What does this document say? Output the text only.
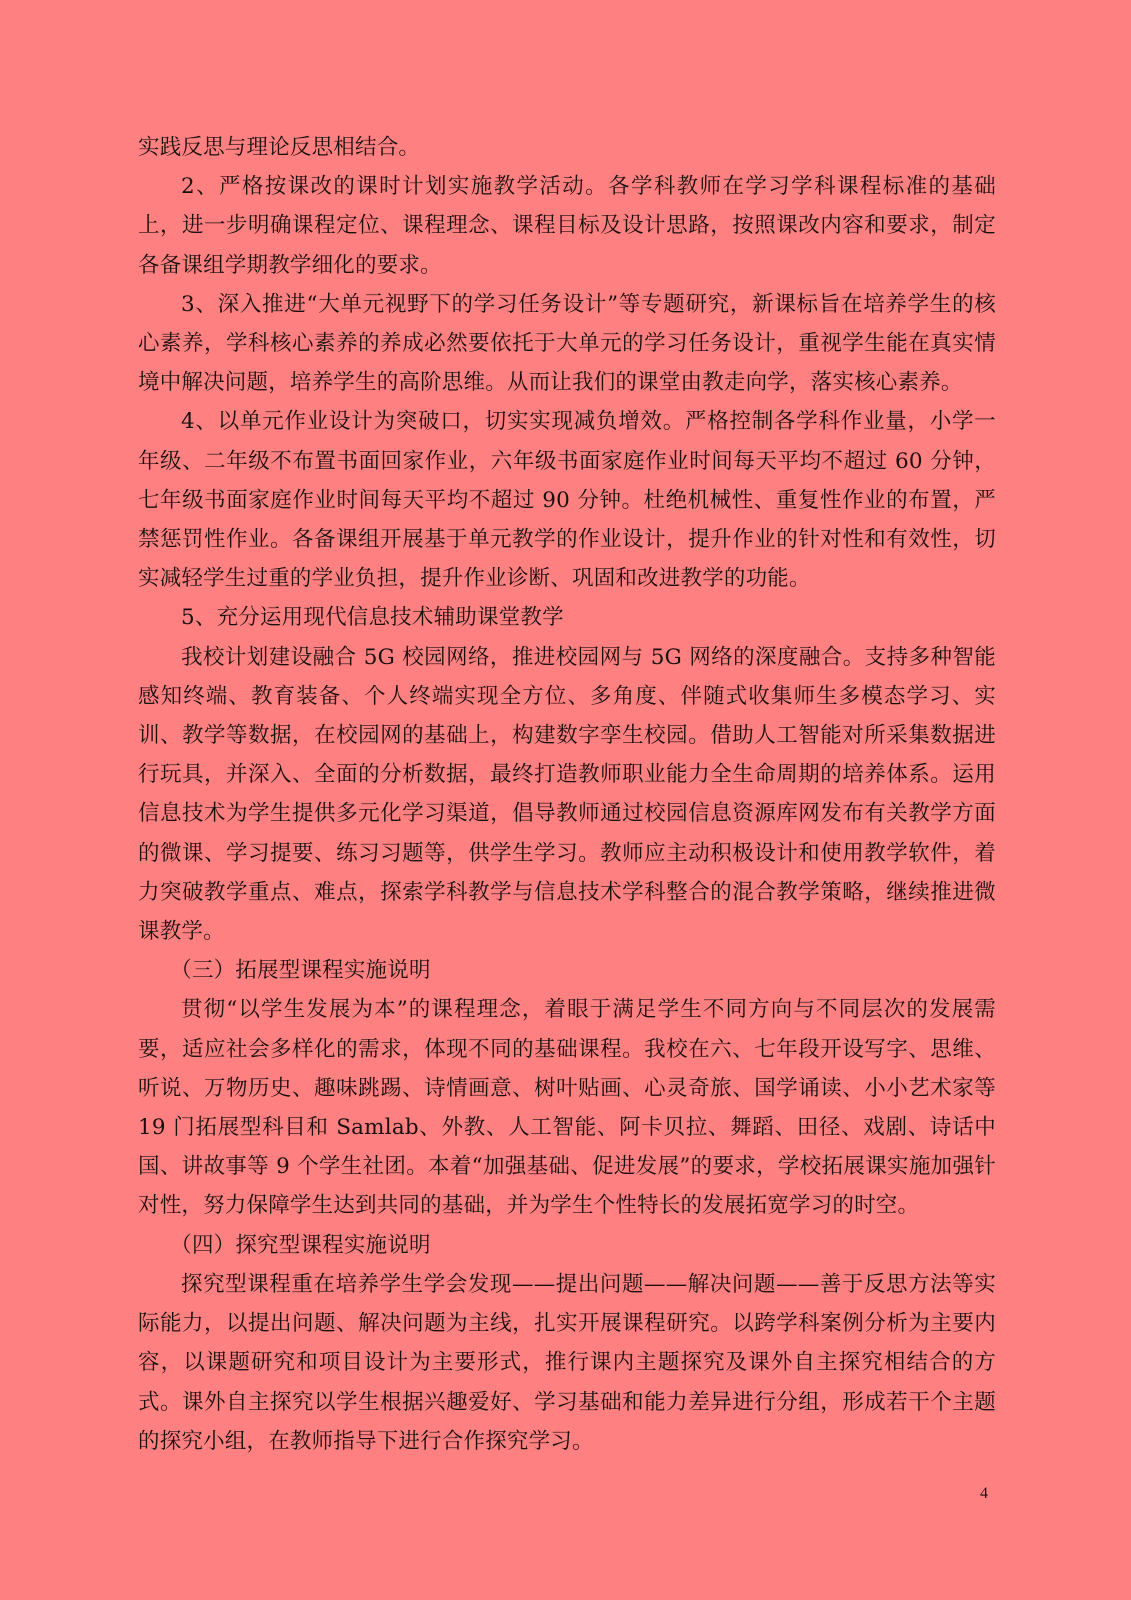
实践反思与理论反思相结合。

2、严格按课改的课时计划实施教学活动。各学科教师在学习学科课程标准的基础上，进一步明确课程定位、课程理念、课程目标及设计思路，按照课改内容和要求，制定各备课组学期教学细化的要求。

3、深入推进“大单元视野下的学习任务设计”等专题研究，新课标旨在培养学生的核心素养，学科核心素养的养成必然要依托于大单元的学习任务设计，重视学生能在真实情境中解决问题，培养学生的高阶思维。从而让我们的课堂由教走向学，落实核心素养。

4、以单元作业设计为突破口，切实实现减负增效。严格控制各学科作业量，小学一年级、二年级不布置书面回家作业，六年级书面家庭作业时间每天平均不超过 60 分钟，七年级书面家庭作业时间每天平均不超过 90 分钟。杜绝机械性、重复性作业的布置，严禁惩罚性作业。各备课组开展基于单元教学的作业设计，提升作业的针对性和有效性，切实减轻学生过重的学业负担，提升作业诊断、巩固和改进教学的功能。

5、充分运用现代信息技术辅助课堂教学

我校计划建设融合 5G 校园网络，推进校园网与 5G 网络的深度融合。支持多种智能感知终端、教育装备、个人终端实现全方位、多角度、伴随式收集师生多模态学习、实训、教学等数据，在校园网的基础上，构建数字孪生校园。借助人工智能对所采集数据进行玩具，并深入、全面的分析数据，最终打造教师职业能力全生命周期的培养体系。运用信息技术为学生提供多元化学习渠道，倡导教师通过校园信息资源库网发布有关教学方面的微课、学习提要、练习习题等，供学生学习。教师应主动积极设计和使用教学软件，着力突破教学重点、难点，探索学科教学与信息技术学科整合的混合教学策略，继续推进微课教学。

（三）拓展型课程实施说明

贯彻“以学生发展为本”的课程理念，着眼于满足学生不同方向与不同层次的发展需要，适应社会多样化的需求，体现不同的基础课程。我校在六、七年段开设写字、思维、听说、万物历史、趣味跳踢、诗情画意、树叶贴画、心灵奇旅、国学诵读、小小艺术家等 19 门拓展型科目和 Samlab、外教、人工智能、阿卡贝拉、舞蹈、田径、戏剧、诗话中国、讲故事等 9 个学生社团。本着“加强基础、促进发展”的要求，学校拓展课实施加强针对性，努力保障学生达到共同的基础，并为学生个性特长的发展拓宽学习的时空。

（四）探究型课程实施说明

探究型课程重在培养学生学会发现——提出问题——解决问题——善于反思方法等实际能力，以提出问题、解决问题为主线，扎实开展课程研究。以跨学科案例分析为主要内容，以课题研究和项目设计为主要形式，推行课内主题探究及课外自主探究相结合的方式。课外自主探究以学生根据兴趣爱好、学习基础和能力差异进行分组，形成若干个主题的探究小组，在教师指导下进行合作探究学习。

4
